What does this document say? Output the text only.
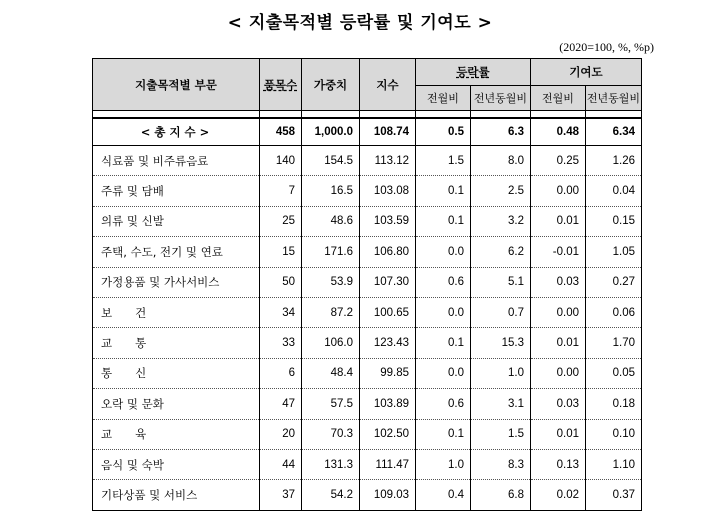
< 지출목적별 등락률 및 기여도 >
(2020=100, %, %p)
지출목적별 부문	품목수	가중치	지수	등락률		기여도	
				전월비	전년동월비	전월비	전년동월비

< 총 지 수 >	458	1,000.0	108.74	0.5	6.3	0.48	6.34
식료품 및 비주류음료	140	154.5	113.12	1.5	8.0	0.25	1.26
주류 및 담배	7	16.5	103.08	0.1	2.5	0.00	0.04
의류 및 신발	25	48.6	103.59	0.1	3.2	0.01	0.15
주택, 수도, 전기 및 연료	15	171.6	106.80	0.0	6.2	-0.01	1.05
가정용품 및 가사서비스	50	53.9	107.30	0.6	5.1	0.03	0.27
보　　건	34	87.2	100.65	0.0	0.7	0.00	0.06
교　　통	33	106.0	123.43	0.1	15.3	0.01	1.70
통　　신	6	48.4	99.85	0.0	1.0	0.00	0.05
오락 및 문화	47	57.5	103.89	0.6	3.1	0.03	0.18
교　　육	20	70.3	102.50	0.1	1.5	0.01	0.10
음식 및 숙박	44	131.3	111.47	1.0	8.3	0.13	1.10
기타상품 및 서비스	37	54.2	109.03	0.4	6.8	0.02	0.37
